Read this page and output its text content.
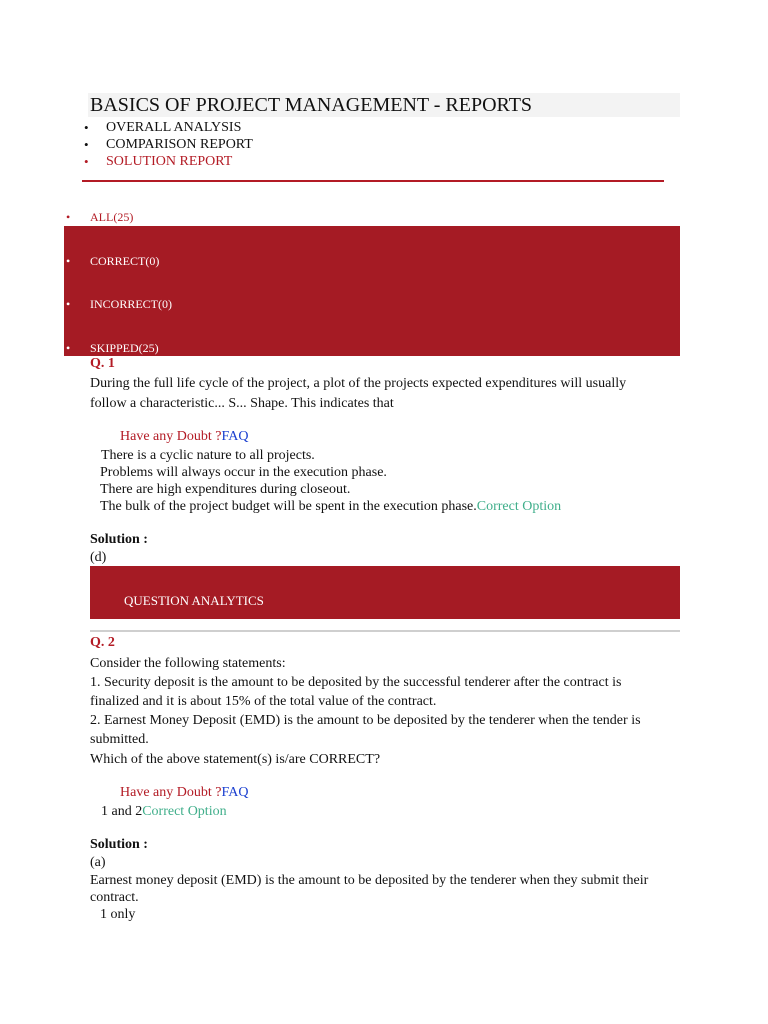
BASICS OF PROJECT MANAGEMENT - REPORTS
• OVERALL ANALYSIS
• COMPARISON REPORT
• SOLUTION REPORT
• ALL(25)
• CORRECT(0)
• INCORRECT(0)
• SKIPPED(25)
Q. 1
During the full life cycle of the project, a plot of the projects expected expenditures will usually
follow a characteristic... S... Shape. This indicates that
Have any Doubt ?FAQ
There is a cyclic nature to all projects.
Problems will always occur in the execution phase.
There are high expenditures during closeout.
The bulk of the project budget will be spent in the execution phase.Correct Option
Solution :
(d)
QUESTION ANALYTICS
Q. 2
Consider the following statements:
1. Security deposit is the amount to be deposited by the successful tenderer after the contract is
finalized and it is about 15% of the total value of the contract.
2. Earnest Money Deposit (EMD) is the amount to be deposited by the tenderer when the tender is
submitted.
Which of the above statement(s) is/are CORRECT?
Have any Doubt ?FAQ
1 and 2Correct Option
Solution :
(a)
Earnest money deposit (EMD) is the amount to be deposited by the tenderer when they submit their
contract.
1 only
